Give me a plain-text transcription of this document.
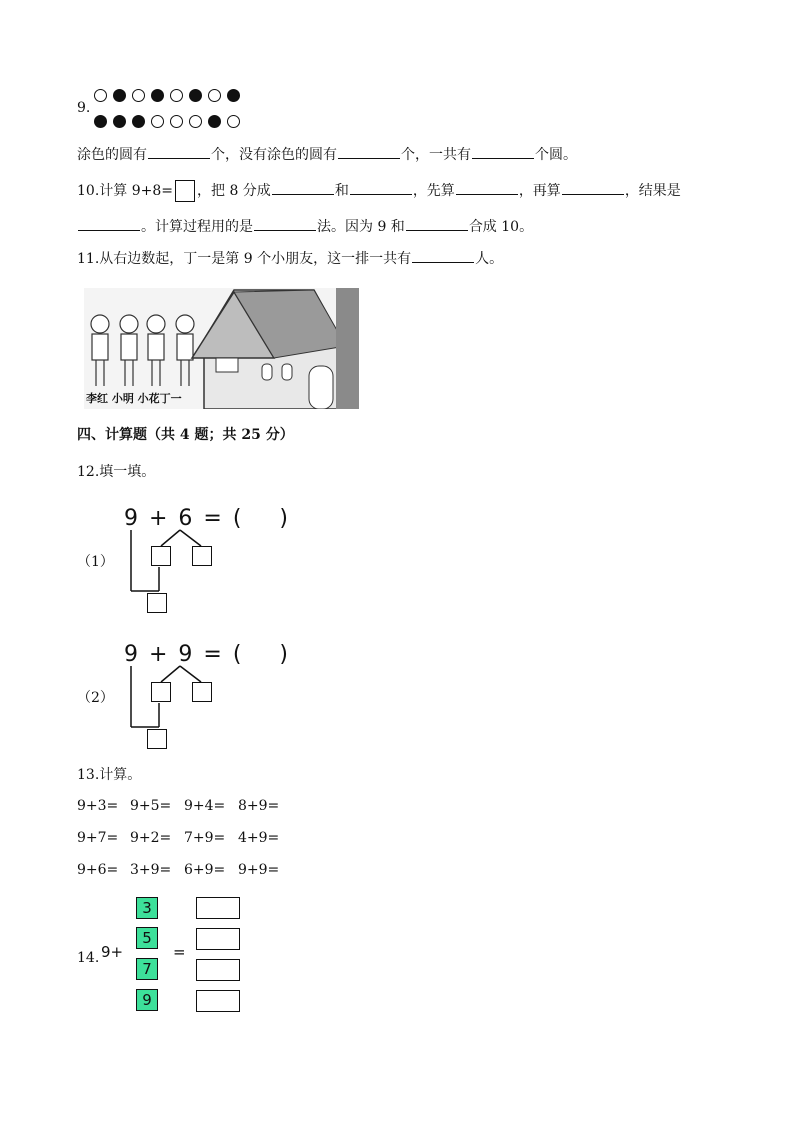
9.
涂色的圆有	个，没有涂色的圆有	个，一共有	个圆。
10.计算 9+8= ，把 8 分成	和	，先算	，再算	，结果是
。计算过程用的是	法。因为 9 和	合成 10。
11.从右边数起，丁一是第 9 个小朋友，这一排一共有	人。
李红 小明 小花丁一
四、计算题（共 4 题；共 25 分）
12.填一填。
9 + 6 = (    )
（1）
9 + 9 = (    )
（2）
13.计算。
9+3= 9+5= 9+4= 8+9=
9+7= 9+2= 7+9= 4+9=
9+6= 3+9= 6+9= 9+9=
14. 9+	=
3
5
7
9
